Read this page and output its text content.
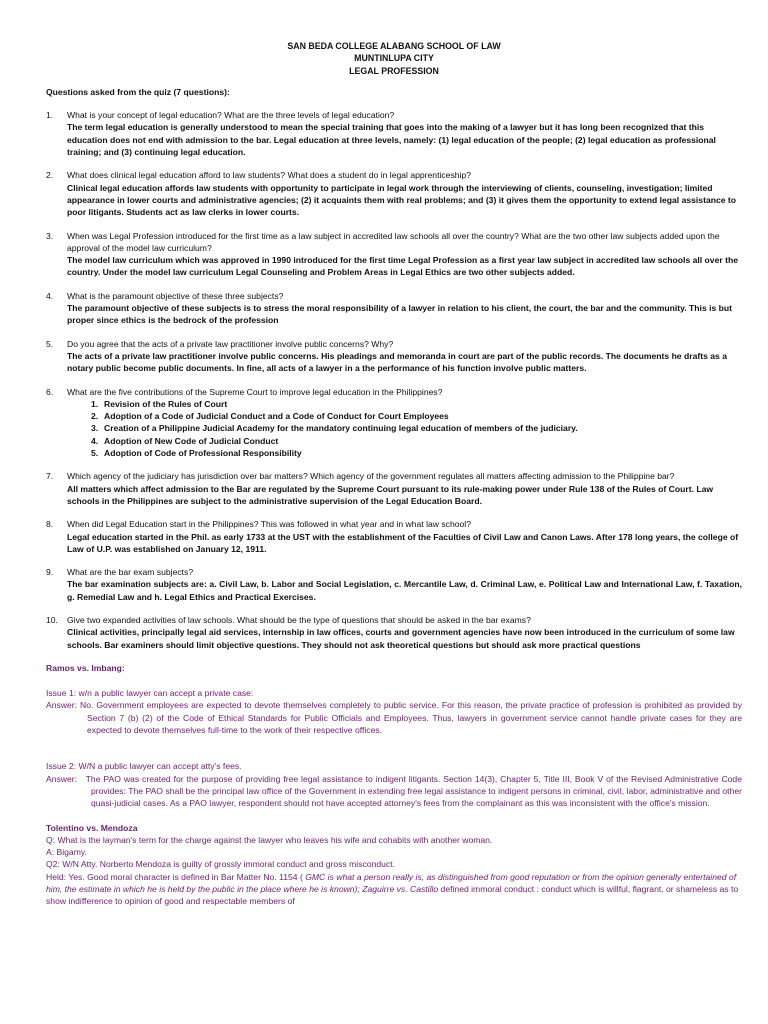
SAN BEDA COLLEGE ALABANG SCHOOL OF LAW
MUNTINLUPA CITY
LEGAL PROFESSION
Questions asked from the quiz (7 questions):
1. What is your concept of legal education? What are the three levels of legal education?
The term legal education is generally understood to mean the special training that goes into the making of a lawyer but it has long been recognized that this education does not end with admission to the bar. Legal education at three levels, namely: (1) legal education of the people; (2) legal education as professional training; and (3) continuing legal education.
2. What does clinical legal education afford to law students? What does a student do in legal apprenticeship?
Clinical legal education affords law students with opportunity to participate in legal work through the interviewing of clients, counseling, investigation; limited appearance in lower courts and administrative agencies; (2) it acquaints them with real problems; and (3) it gives them the opportunity to extend legal assistance to poor litigants. Students act as law clerks in lower courts.
3. When was Legal Profession introduced for the first time as a law subject in accredited law schools all over the country? What are the two other law subjects added upon the approval of the model law curriculum?
The model law curriculum which was approved in 1990 introduced for the first time Legal Profession as a first year law subject in accredited law schools all over the country. Under the model law curriculum Legal Counseling and Problem Areas in Legal Ethics are two other subjects added.
4. What is the paramount objective of these three subjects?
The paramount objective of these subjects is to stress the moral responsibility of a lawyer in relation to his client, the court, the bar and the community. This is but proper since ethics is the bedrock of the profession
5. Do you agree that the acts of a private law practitioner involve public concerns? Why?
The acts of a private law practitioner involve public concerns. His pleadings and memoranda in court are part of the public records. The documents he drafts as a notary public become public documents. In fine, all acts of a lawyer in a the performance of his function involve public matters.
6. What are the five contributions of the Supreme Court to improve legal education in the Philippines?
1. Revision of the Rules of Court
2. Adoption of a Code of Judicial Conduct and a Code of Conduct for Court Employees
3. Creation of a Philippine Judicial Academy for the mandatory continuing legal education of members of the judiciary.
4. Adoption of New Code of Judicial Conduct
5. Adoption of Code of Professional Responsibility
7. Which agency of the judiciary has jurisdiction over bar matters? Which agency of the government regulates all matters affecting admission to the Philippine bar?
All matters which affect admission to the Bar are regulated by the Supreme Court pursuant to its rule-making power under Rule 138 of the Rules of Court. Law schools in the Philippines are subject to the administrative supervision of the Legal Education Board.
8. When did Legal Education start in the Philippines? This was followed in what year and in what law school?
Legal education started in the Phil. as early 1733 at the UST with the establishment of the Faculties of Civil Law and Canon Laws. After 178 long years, the college of Law of U.P. was established on January 12, 1911.
9. What are the bar exam subjects?
The bar examination subjects are: a. Civil Law, b. Labor and Social Legislation, c. Mercantile Law, d. Criminal Law, e. Political Law and International Law, f. Taxation, g. Remedial Law and h. Legal Ethics and Practical Exercises.
10. Give two expanded activities of law schools. What should be the type of questions that should be asked in the bar exams?
Clinical activities, principally legal aid services, internship in law offices, courts and government agencies have now been introduced in the curriculum of some law schools. Bar examiners should limit objective questions. They should not ask theoretical questions but should ask more practical questions
Ramos vs. Imbang:
Issue 1: w/n a public lawyer can accept a private case:
Answer: No. Government employees are expected to devote themselves completely to public service. For this reason, the private practice of profession is prohibited as provided by Section 7 (b) (2) of the Code of Ethical Standards for Public Officials and Employees. Thus, lawyers in government service cannot handle private cases for they are expected to devote themselves full-time to the work of their respective offices.
Issue 2: W/N a public lawyer can accept atty's fees.
Answer: The PAO was created for the purpose of providing free legal assistance to indigent litigants. Section 14(3), Chapter 5, Title III, Book V of the Revised Administrative Code provides: The PAO shall be the principal law office of the Government in extending free legal assistance to indigent persons in criminal, civil, labor, administrative and other quasi-judicial cases. As a PAO lawyer, respondent should not have accepted attorney's fees from the complainant as this was inconsistent with the office's mission.
Tolentino vs. Mendoza
Q: What is the layman's term for the charge against the lawyer who leaves his wife and cohabits with another woman.
A: Bigamy.
Q2: W/N Atty. Norberto Mendoza is guilty of grossly immoral conduct and gross misconduct.
Held: Yes. Good moral character is defined in Bar Matter No. 1154 ( GMC is what a person really is, as distinguished from good reputation or from the opinion generally entertained of him, the estimate in which he is held by the public in the place where he is known); Zaguirre vs. Castillo defined immoral conduct : conduct which is willful, flagrant, or shameless as to show indifference to opinion of good and respectable members of
